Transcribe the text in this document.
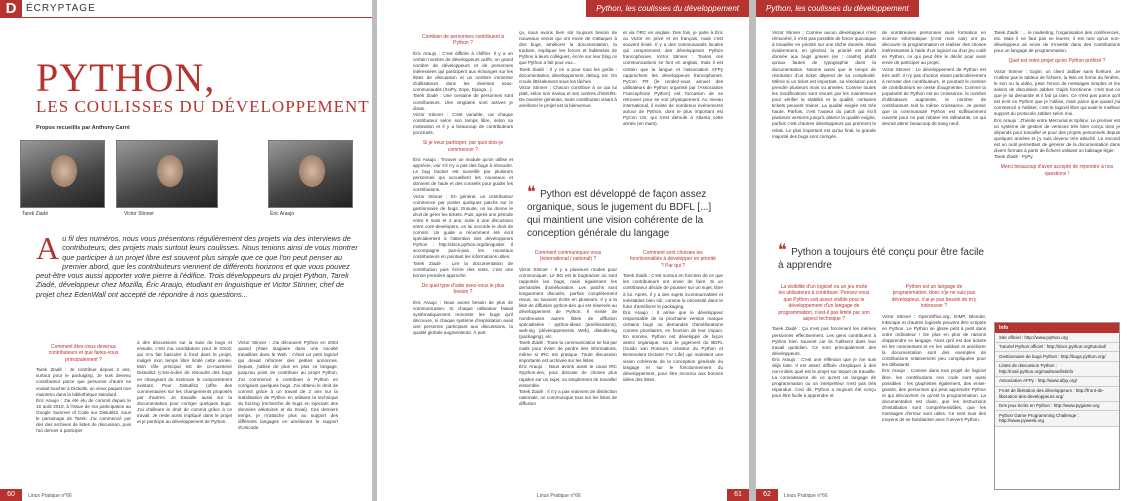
D ÉCRYPTAGE
PYTHON,
LES COULISSES DU DÉVELOPPEMENT
Propos recueillis par Anthony Carré
Tarek Ziadé	Victor Stinner	Éric Araujo
Au fil des numéros, nous vous présentons régulièrement des projets via des interviews de contributeurs, des projets mais surtout leurs coulisses. Nous tenions ainsi de vous montrer que participer à un projet libre est souvent plus simple que ce que l'on peut penser au premier abord, que les contributeurs viennent de différents horizons et que vous pouvez peut-être vous aussi apporter votre pierre à l'édifice. Trois développeurs du projet Python, Tarek Ziadé, développeur chez Mozilla, Éric Araujo, étudiant en linguistique et Victor Stinner, chef de projet chez EdenWall ont accepté de répondre à nos questions...
Comment êtes-vous devenus contributeurs et que faites-vous principalement ?

Tarek Ziadé : Je contribue depuis 2 ans, surtout pour le packaging. Je suis devenu contributeur parce que personne d'autre ne voulait toucher à Distutils, un vieux paquet non maintenu dans la bibliothèque standard.

Éric Araujo : J'ai été élu de commit depuis le 16 août 2010, à l'issue de ma participation au Google Summer of Code sur Distutils2, sous le parrainage de Tarek. J'ai commencé par des des archives de listes de discussion, puis l'an dernier à participer

à des discussions sur la suivi de bugs et ensuite, c'est ma candidature pour le GSoC qui m'a fait basculer à fond dans le projet, malgré mon temps libre limité cette année. Mon rôle principal est de co-maintenir Distutils2 (c'est-à-dire de résoudre des bugs en changeant du minimum le comportement existant. Pour Distutils2 (offre des commentaires sur les changements proposés par d'autres. Je travaille aussi sur la documentation pour corriger quelques bugs. J'ai d'ailleurs le droit de commit grâce à ce travail. Je reste aussi impliqué dans le projet et je participe au développement de Python.

Victor Stinner : J'ai découvert Python en 2004 quand j'étais stagiaire dans une société travaillant dans le Web : c'était un petit logiciel qui devait réformer des petites annonces. Depuis, j'utilise de plus en plus ce langage, jusqu'au point de contribuer au projet Python. J'ai commencé à contribuer à Python en corrigeant quelques bugs. J'ai obtenu le droit de commit grâce à un travail de 2 ans sur la stabilisation de Python en utilisant la technique du fuzzing (recherche de bugs en injectant des données aléatoires et du trivial). Ces derniers temps, je m'attache plus au support des différents langages en améliorant le support d'Unicode.

60	Linux Pratique n°66
Python, les coulisses du développement
Combien de personnes contribuent à Python ?

Éric Araujo : C'est difficile à chiffrer. Il y a un certain nombre de développeurs actifs, un grand nombre de développeurs et de personnes intéressées qui participent aux échanges sur les listes de discussion et un nombre immense d'utilisateurs dans les diverses sous-communautés (SciPy, Zope, Django...).

Tarek Ziadé : Une centaine de personnes sont contributeurs. Une vingtaine sont actives je dirais.

Victor Stinner : C'est variable, car chaque contributeur selon son temps libre, selon sa motivation et il y a beaucoup de contributeurs ponctuels.

Si je veux participer, par quoi dois-je commencer ?

Éric Araujo : Trouver un module qu'on utilise et apprécie, voir s'il n'y a pas des bugs à résoudre. Le bug tracker est surveillé par plusieurs personnes qui accueillent les nouveaux et donnent de l'aide et des conseils pour guider les contributions.

Victor Stinner : En général, un contributeur commence par poster quelques patchs sur le gestionnaire de bugs. Ensuite, on lui donne le droit de gérer les tickets. Puis, après une période entre 6 mois et 2 ans, suite à une discussion entre core-developers, on lui accorde le droit de commit. Un guide a récemment été écrit spécialement à l'attention des développeurs Python : http://docs.python.org/devguide/. Il accompagne pas-à-pas les nouveaux contributeurs en pointant les informations utiles.

Tarek Ziadé : Lire la documentation de contribution puis écrire des tests, c'est une bonne première approche.

De quel type d'aide avez-vous le plus besoin ?

Éric Araujo : Nous avons besoin de plus de communication. Si chaque utilisateur faisait systématiquement remonter les bugs qu'il découvre, si chaque système d'exploitation avait une personne participant aux discussions, la qualité globale augmenterait. À part

ça, nous avons bien sûr toujours besoin de nouveaux venus qui ont envie de s'attaquer à des bugs, améliorer la documentation, la traduire, expliquer les forces et faiblesses de Python à leurs collègues, écrire sur leur blog ce que Python a fait pour eux...

Tarek Ziadé : Il y en a pour tous les goûts : documentation, développement, debug, etc. On croule littéralement sous les tâches.

Victor Stinner : Chacun contribue à ce qui lui plaît, selon son niveau et ses centres d'intérêts. De manière générale, toute contribution visant à améliorer le projet est la bienvenue.

et via l'IRC en anglais. Des fois, je parle à Éric ou Victor en privé et en français, mais c'est souvent limité. Il y a des communautés locales qui comprennent des développeurs Python francophones. Victor Stinner : Toutes ces communications se font en anglais, mais il est certain que la langue et l'association AFPy rapprochent les développeurs francophones. PyCon FR (le rendez-vous annuel des utilisateurs de Python organisé par l'Association Francophone Python) est l'occasion de se retrouver pour se voir physiquement. Au niveau international, il existe de nombreux événements autour de Python, dont le plus important est PyCon US, qui s'est déroulé à Atlanta cette année (en mars).

❝ Python est développé de façon assez organique, sous le jugement du BDFL [...] qui maintient une vision cohérente de la conception générale du langage
Comment communiquez-vous (international / national) ?

Victor Stinner : Il y a plusieurs modes pour communiquer. Le BG est le bugtracker où sont rapportés les bugs, mais également les demandes d'amélioration. Les patchs sont longuement discutés, parfois complètement revus, ou souvent écrits en plusieurs. Il y a la liste de diffusion python-dev qui est réservée au développement de Python. Il existe de nombreuses autres listes de diffusion spécialisées : python-ideas (améliorations), web-sig (développements Web), distutils-sig (packaging), etc.

Tarek Ziadé : Toute la communication se fait par mails pour éviter de perdre des informations, même si IRC est pratique. Toute discussion importante est archivée sur les listes.

Éric Araujo : Nous avons aussi le canal IRC #python-dev, pour discuter de choses plus rapides sur un sujet, ou simplement de travailler ensemble.

Tarek Ziadé : Il n'y a pas vraiment de distinction nationale, on communique tous sur les listes de diffusion

Comment sont choisies les fonctionnalités à développer en priorité ? Par qui ?

Tarek Ziadé : C'est surtout en fonction de ce que les contributeurs ont envie de faire. Si un contributeur décide de pousser sur un sujet, libre à lui. Après, il y a des sujets incontournables et inévitables bien sûr, comme la nécessité dans le futur d'améliorer le packaging.

Éric Araujo : Il arrive que le développeur responsable de la prochaine version marque certains bugs ou demandes d'améliorations comme prioritaires, en fonction de leur impact. En somme, Python est développé de façon assez organique, sous le jugement du BDFL (Guido van Rossum, créateur du Python et Benevolent Dictator For Life) qui maintient une vision cohérente de la conception générale du langage et sur le fonctionnement du développement, pour être reconnu aux bonnes idées des listes.

Linux Pratique n°66	61
Python, les coulisses du développement

Victor Stinner : Comme aucun développeur n'est rémunéré, il n'est pas possible de forcer quiconque à travailler en priorité sur une tâche donnée. Mais évidemment, en général, la priorité est plutôt donnée aux bugs graves (ex : crashs) plutôt qu'aux fautes de typographie dans la documentation. Notons aussi que le temps de résolution d'un ticket dépend de sa complexité. Même si un ticket est important, sa résolution peut prendre plusieurs mois ou années. Comme toutes les modifications sont revues par les mainteneurs pour vérifier la stabilité et la qualité, certaines tickets peuvent trainer. La qualité exigée est très haute. Parfois, c'est l'auteur du patch qui écrit plusieurs versions jusqu'à obtenir la qualité exigée, parfois c'est d'autres développeurs qui prennent le relais. Le plus important est qu'au final, la grande majorité des bugs sont corrigés.

de nombreuses personnes sans formation en science informatique (c'est mon cas) ont pu découvrir la programmation et réaliser des choses intéressantes à l'aide d'un logiciel ou d'un jeu codé en Python, ce qui peut être le déclic pour avoir envie de participer au projet.

Victor Stinner : Le développement de Python est très actif. Il n'y pas d'action visant particulièrement à recruter des contributeurs, et pourtant le nombre de contributeurs ne cesse d'augmenter. Comme la popularité de Python est en croissance, le nombre d'utilisateurs augmente, le nombre de contributeurs suit la même croissance. Je pense que la communauté Python est suffisamment ouverte pour ne pas rebuter les débutants, ce qui devrait attirer beaucoup de sang neuf.

❝ Python a toujours été conçu pour être facile à apprendre
La visibilité d'un logiciel ou un jeu incite les utilisateurs à contribuer. Pensez-vous que Python soit assez visible pour le développement d'un langage de programmation, n'est-il pas limité par son aspect technique ?

Tarek Ziadé : Ça n'est pas forcément les mêmes personnes effectivement. Les gens contribuent à Python bien souvent car ils l'utilisent dans leur travail quotidien. Ce sont principalement des développeurs.

Éric Araujo : C'est une réflexion que je me suis déjà faite. Il est assez difficile d'expliquer à des non-initiés quel est le projet sur lequel on travaille. La connaissance de ce qu'est un langage de programmation ou un interpréteur n'est pas très répandue. Ceci dit, Python a toujours été conçu pour être facile à apprendre et

Python est un langage de programmation, donc s'je ne suis pas développeur, n'ai-je pas besoin de m'y intéresser ?

Victor Stinner : OpenOffice.org, GIMP, Blender, Inkscape et d'autres logiciels peuvent être scriptés en Python. Le Python se glisse petit à petit dans votre ordinateur ! De plus en plus de raisons d'apprendre ce langage. Alors qu'il est des tickets en les commentant et en les validant et améliorer la documentation sont des exemples de contributions relativement peu compliquées pour les débutants.

Éric Araujo : Comme dans tout projet de logiciel libre, les contributions non code sont aussi possibles : les graphistes également, des ensei-gnants, des personnes qui peut apprendre Python et qui découvrent ce qu'est la programmation. La documentation est claire, que les instructions d'installation sont compréhensibles, que les messages d'erreur sont utiles. Ce sont tous des moyens de se familiariser avec l'univers Python.

Tarek Ziadé : ... le marketing, l'organisation des conférences, etc. Mais il ne faut pas se leurrer, il est rare qu'un non-développeur ait envie de s'investir dans des contributions pour un langage de programmation.

Quel est votre projet qu'en Python préféré ?

Victor Stinner : Gajim, un client Jabber sans fioriture. Je n'utilise pas le tableur de fichiers, la liste en forme du fenêtre, le son ou la vidéo, juste l'envoi de messages simples et les salons de discussion Jabber. Gajim fonctionne, c'est tout ce que je lui demande et il fait ça bien. Ce n'est pas parce qu'il est écrit en Python que je l'utilise, mais parce que quand j'ai commencé à l'utiliser, c'est le logiciel libre qui avait le meilleur support du protocole Jabber selon moi.

Éric Araujo : J'hésite entre Mercurial et Sphinx. Le premier est un système de gestion de versions très bien conçu dont je dépends pour travailler et pour des projets personnels depuis quelques années et j'y suis devenu très attaché. Le second est un outil permettant de générer de la documentation dans divers formats à partir de fichiers utilisant un balisage léger.

Tarek Ziadé : PyPy.

Merci beaucoup d'avoir accepté de répondre à nos questions !
Info
Site officiel : http://www.python.org
Tutoriel Python officiel : http://docs.python.org/tutorial/
Gestionnaire de bugs Python : http://bugs.python.org/
Listes de discussion Python : http://mail.python.org/mailman/listinfo
Association AFPy : http://www.afpy.org/
Front de libération des développeurs : http://front-de-liberation-des-developpeurs.org/
Des jeux écrits en Python : http://www.pygame.org
Python Game Programming Challenge : http://www.pyweek.org
62	Linux Pratique n°66
